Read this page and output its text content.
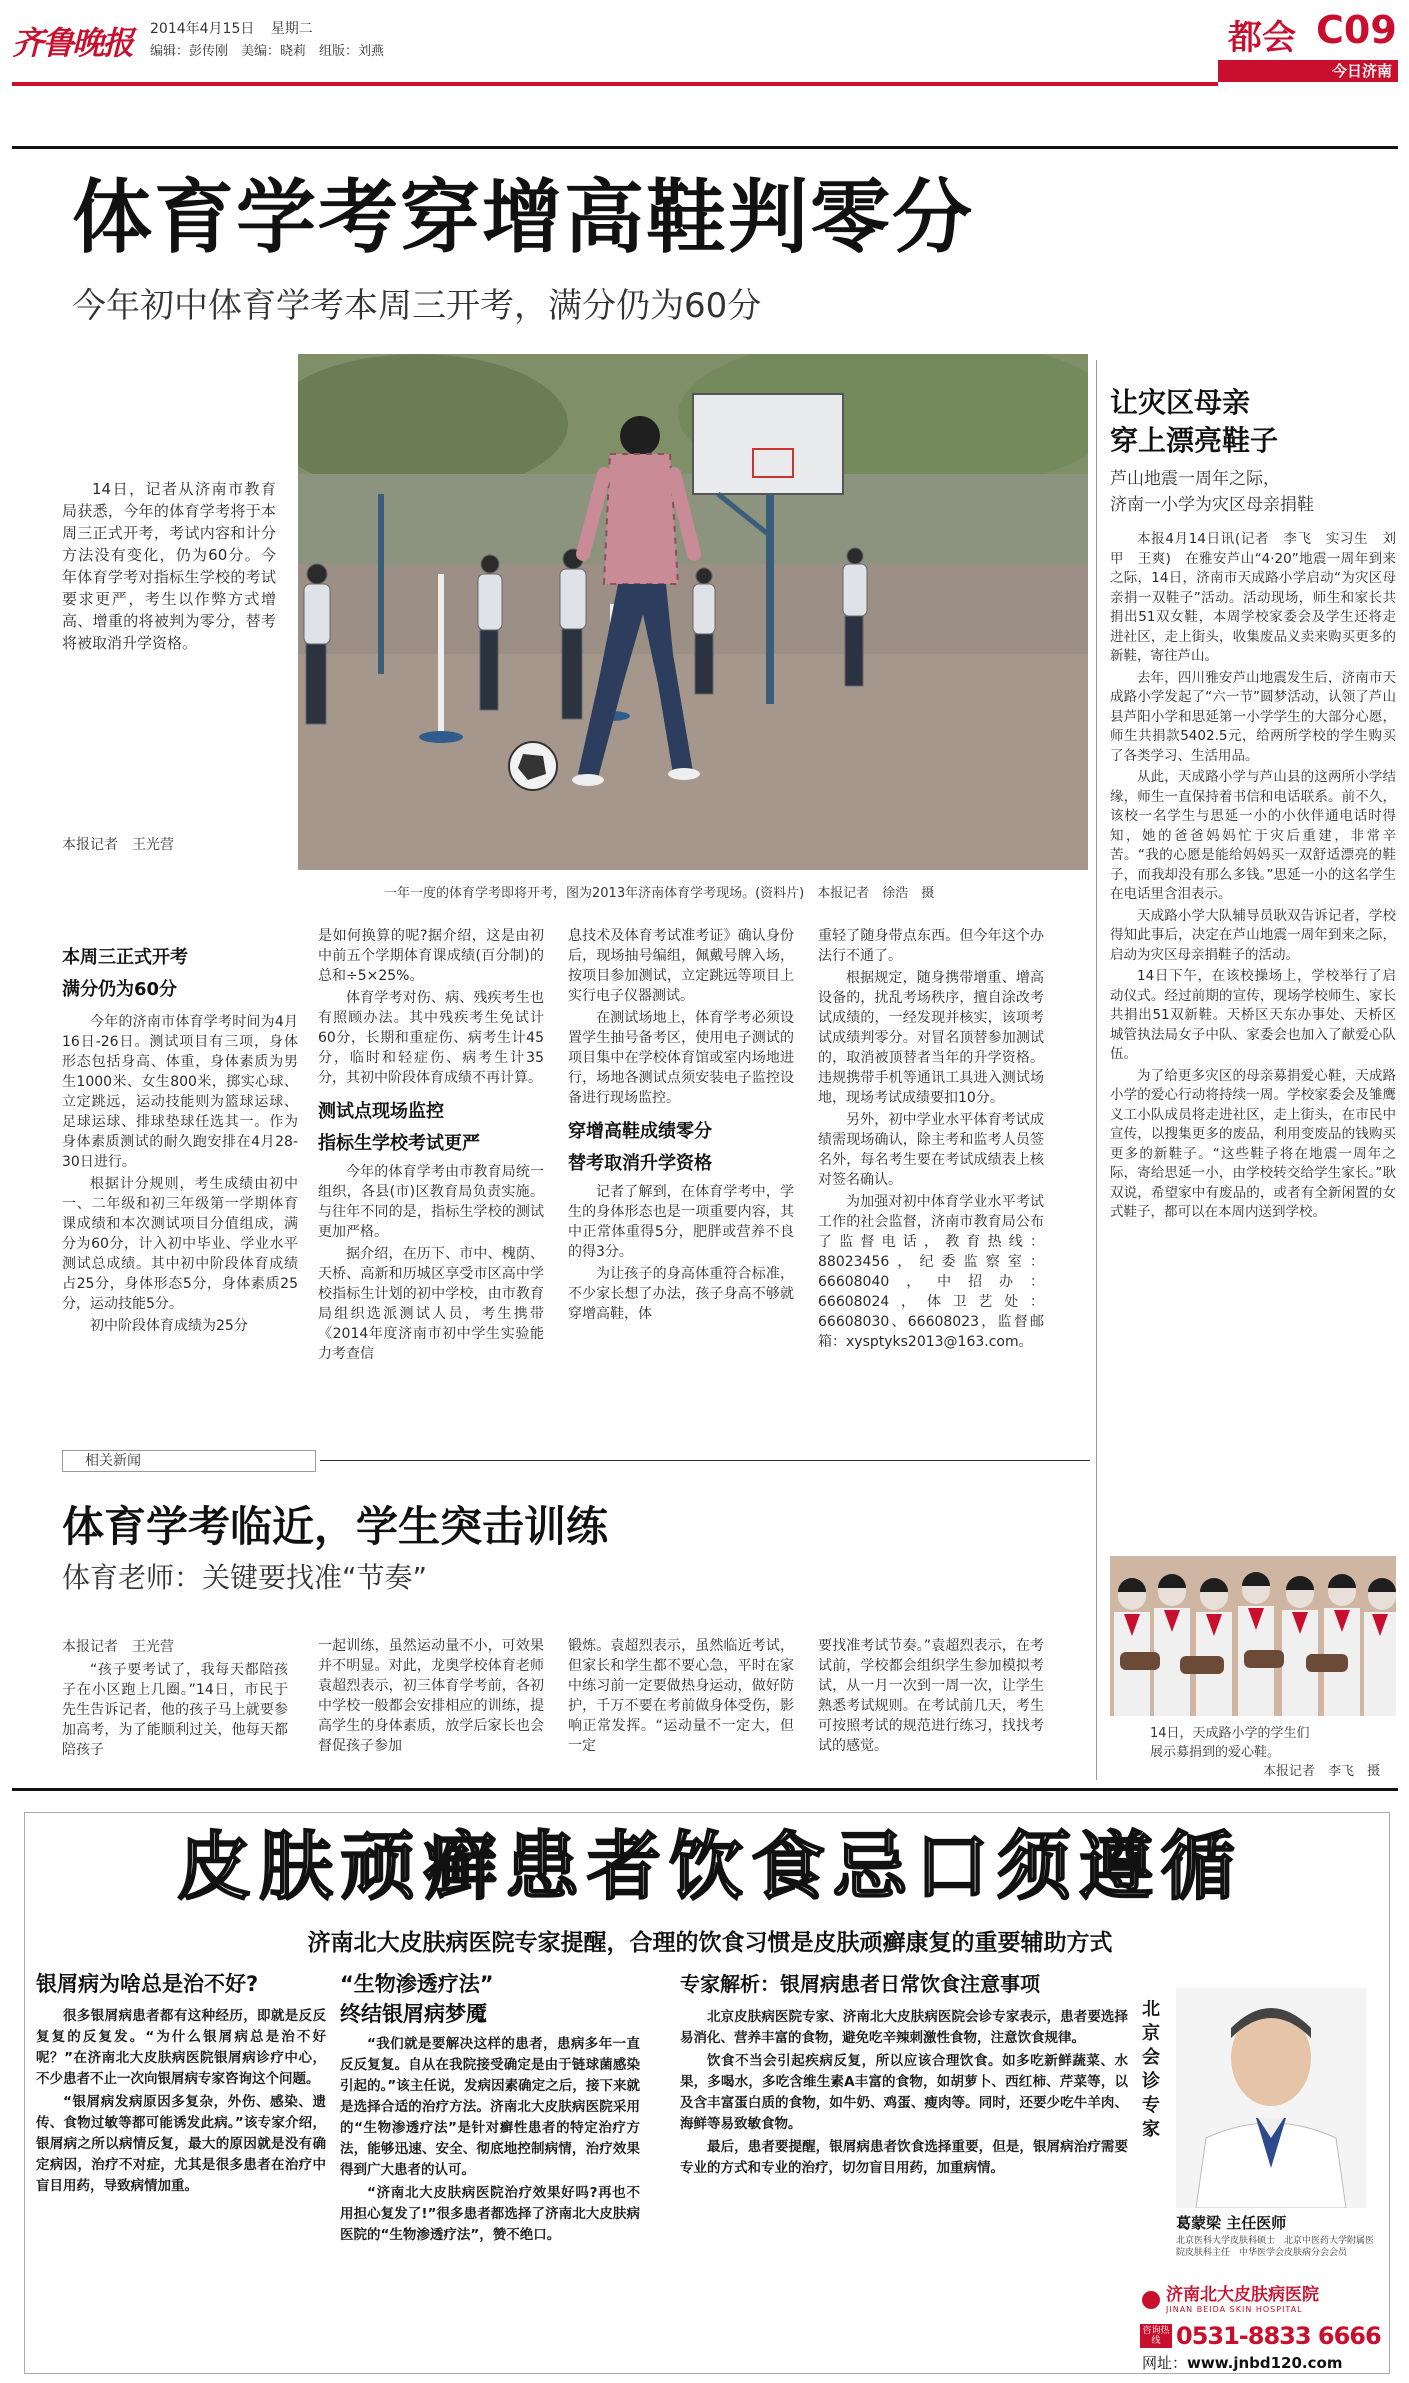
齐鲁晚报	2014年4月15日 星期二
编辑：彭传刚　美编：晓莉　组版：刘燕	都会 C09
今日济南
体育学考穿增高鞋判零分
今年初中体育学考本周三开考，满分仍为60分
一年一度的体育学考即将开考，图为2013年济南体育学考现场。(资料片)　本报记者　徐浩　摄

14日，记者从济南市教育局获悉，今年的体育学考将于本周三正式开考，考试内容和计分方法没有变化，仍为60分。今年体育学考对指标生学校的考试要求更严，考生以作弊方式增高、增重的将被判为零分，替考将被取消升学资格。

本报记者　王光营
本周三正式开考
满分仍为60分

今年的济南市体育学考时间为4月16日-26日。测试项目有三项，身体形态包括身高、体重，身体素质为男生1000米、女生800米，掷实心球、立定跳远，运动技能则为篮球运球、足球运球、排球垫球任选其一。作为身体素质测试的耐久跑安排在4月28-30日进行。

根据计分规则，考生成绩由初中一、二年级和初三年级第一学期体育课成绩和本次测试项目分值组成，满分为60分，计入初中毕业、学业水平测试总成绩。其中初中阶段体育成绩占25分，身体形态5分，身体素质25分，运动技能5分。

初中阶段体育成绩为25分

是如何换算的呢?据介绍，这是由初中前五个学期体育课成绩(百分制)的总和÷5×25%。

体育学考对伤、病、残疾考生也有照顾办法。其中残疾考生免试计60分，长期和重症伤、病考生计45分，临时和轻症伤、病考生计35分，其初中阶段体育成绩不再计算。

测试点现场监控
指标生学校考试更严

今年的体育学考由市教育局统一组织，各县(市)区教育局负责实施。与往年不同的是，指标生学校的测试更加严格。

据介绍，在历下、市中、槐荫、天桥、高新和历城区享受市区高中学校指标生计划的初中学校，由市教育局组织选派测试人员，考生携带《2014年度济南市初中学生实验能力考查信

息技术及体育考试准考证》确认身份后，现场抽号编组，佩戴号牌入场，按项目参加测试，立定跳远等项目上实行电子仪器测试。

在测试场地上，体育学考必须设置学生抽号备考区，使用电子测试的项目集中在学校体育馆或室内场地进行，场地各测试点须安装电子监控设备进行现场监控。

穿增高鞋成绩零分
替考取消升学资格

记者了解到，在体育学考中，学生的身体形态也是一项重要内容，其中正常体重得5分，肥胖或营养不良的得3分。

为让孩子的身高体重符合标准，不少家长想了办法，孩子身高不够就穿增高鞋，体

重轻了随身带点东西。但今年这个办法行不通了。

根据规定，随身携带增重、增高设备的，扰乱考场秩序，擅自涂改考试成绩的，一经发现并核实，该项考试成绩判零分。对冒名顶替参加测试的，取消被顶替者当年的升学资格。违规携带手机等通讯工具进入测试场地，现场考试成绩要扣10分。

另外，初中学业水平体育考试成绩需现场确认，除主考和监考人员签名外，每名考生要在考试成绩表上核对签名确认。

为加强对初中体育学业水平考试工作的社会监督，济南市教育局公布了监督电话，教育热线：88023456，纪委监察室：66608040，中招办：66608024，体卫艺处：66608030、66608023，监督邮箱：xysptyks2013@163.com。

让灾区母亲
穿上漂亮鞋子
芦山地震一周年之际，
济南一小学为灾区母亲捐鞋

本报4月14日讯(记者　李飞　实习生　刘甲　王爽)　在雅安芦山“4·20”地震一周年到来之际，14日，济南市天成路小学启动“为灾区母亲捐一双鞋子”活动。活动现场，师生和家长共捐出51双女鞋，本周学校家委会及学生还将走进社区，走上街头，收集废品义卖来购买更多的新鞋，寄往芦山。

去年，四川雅安芦山地震发生后，济南市天成路小学发起了“六一节”圆梦活动，认领了芦山县芦阳小学和思延第一小学学生的大部分心愿，师生共捐款5402.5元，给两所学校的学生购买了各类学习、生活用品。

从此，天成路小学与芦山县的这两所小学结缘，师生一直保持着书信和电话联系。前不久，该校一名学生与思延一小的小伙伴通电话时得知，她的爸爸妈妈忙于灾后重建，非常辛苦。“我的心愿是能给妈妈买一双舒适漂亮的鞋子，而我却没有那么多钱。”思延一小的这名学生在电话里含泪表示。

天成路小学大队辅导员耿双告诉记者，学校得知此事后，决定在芦山地震一周年到来之际，启动为灾区母亲捐鞋子的活动。

14日下午，在该校操场上，学校举行了启动仪式。经过前期的宣传，现场学校师生、家长共捐出51双新鞋。天桥区天东办事处、天桥区城管执法局女子中队、家委会也加入了献爱心队伍。

为了给更多灾区的母亲募捐爱心鞋，天成路小学的爱心行动将持续一周。学校家委会及雏鹰义工小队成员将走进社区，走上街头，在市民中宣传，以搜集更多的废品，利用变废品的钱购买更多的新鞋子。“这些鞋子将在地震一周年之际，寄给思延一小，由学校转交给学生家长。”耿双说，希望家中有废品的，或者有全新闲置的女式鞋子，都可以在本周内送到学校。

14日，天成路小学的学生们
展示募捐到的爱心鞋。
本报记者　李飞　摄
相关新闻
体育学考临近，学生突击训练
体育老师：关键要找准“节奏”
本报记者　王光营

“孩子要考试了，我每天都陪孩子在小区跑上几圈。”14日，市民于先生告诉记者，他的孩子马上就要参加高考，为了能顺利过关，他每天都陪孩子

一起训练，虽然运动量不小，可效果并不明显。对此，龙奥学校体育老师袁超烈表示，初三体育学考前，各初中学校一般都会安排相应的训练，提高学生的身体素质，放学后家长也会督促孩子参加

锻炼。袁超烈表示，虽然临近考试，但家长和学生都不要心急，平时在家中练习前一定要做热身运动，做好防护，千万不要在考前做身体受伤，影响正常发挥。“运动量不一定大，但一定

要找准考试节奏。”袁超烈表示，在考试前，学校都会组织学生参加模拟考试，从一月一次到一周一次，让学生熟悉考试规则。在考试前几天，考生可按照考试的规范进行练习，找找考试的感觉。

皮肤顽癣患者饮食忌口须遵循
济南北大皮肤病医院专家提醒，合理的饮食习惯是皮肤顽癣康复的重要辅助方式
银屑病为啥总是治不好?

很多银屑病患者都有这种经历，即就是反反复复的反复发。“为什么银屑病总是治不好呢？”在济南北大皮肤病医院银屑病诊疗中心，不少患者不止一次向银屑病专家咨询这个问题。

“银屑病发病原因多复杂，外伤、感染、遗传、食物过敏等都可能诱发此病。”该专家介绍，银屑病之所以病情反复，最大的原因就是没有确定病因，治疗不对症，尤其是很多患者在治疗中盲目用药，导致病情加重。

“生物渗透疗法”
终结银屑病梦魇

“我们就是要解决这样的患者，患病多年一直反反复复。自从在我院接受确定是由于链球菌感染引起的。”该主任说，发病因素确定之后，接下来就是选择合适的治疗方法。济南北大皮肤病医院采用的“生物渗透疗法”是针对癣性患者的特定治疗方法，能够迅速、安全、彻底地控制病情，治疗效果得到广大患者的认可。

“济南北大皮肤病医院治疗效果好吗?再也不用担心复发了!”很多患者都选择了济南北大皮肤病医院的“生物渗透疗法”，赞不绝口。

专家解析：银屑病患者日常饮食注意事项

北京皮肤病医院专家、济南北大皮肤病医院会诊专家表示，患者要选择易消化、营养丰富的食物，避免吃辛辣刺激性食物，注意饮食规律。

饮食不当会引起疾病反复，所以应该合理饮食。如多吃新鲜蔬菜、水果，多喝水，多吃含维生素A丰富的食物，如胡萝卜、西红柿、芹菜等，以及含丰富蛋白质的食物，如牛奶、鸡蛋、瘦肉等。同时，还要少吃牛羊肉、海鲜等易致敏食物。

最后，患者要提醒，银屑病患者饮食选择重要，但是，银屑病治疗需要专业的方式和专业的治疗，切勿盲目用药，加重病情。

北京会诊专家
葛蒙梁 主任医师
北京医科大学皮肤科硕士　北京中医药大学附属医院皮肤科主任　中华医学会皮肤病分会会员
济南北大皮肤病医院
JINAN BEIDA SKIN HOSPITAL
咨询热线 0531-8833 6666
网址：www.jnbd120.com
